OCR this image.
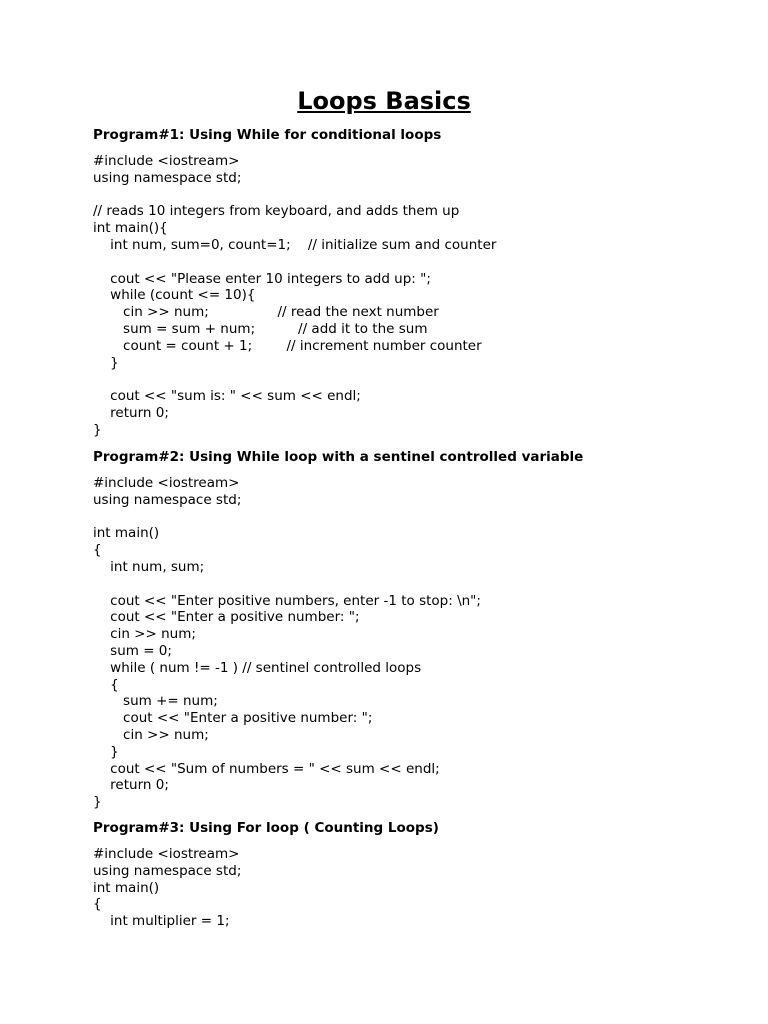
Loops Basics
Program#1: Using While for conditional loops
#include <iostream>
using namespace std;

// reads 10 integers from keyboard, and adds them up
int main(){
int num, sum=0, count=1;    // initialize sum and counter

cout << "Please enter 10 integers to add up: ";
while (count <= 10){
cin >> num;                // read the next number
sum = sum + num;          // add it to the sum
count = count + 1;        // increment number counter
}

cout << "sum is: " << sum << endl;
return 0;
}
Program#2: Using While loop with a sentinel controlled variable
#include <iostream>
using namespace std;

int main()
{
int num, sum;

cout << "Enter positive numbers, enter -1 to stop: \n";
cout << "Enter a positive number: ";
cin >> num;
sum = 0;
while ( num != -1 ) // sentinel controlled loops
{
sum += num;
cout << "Enter a positive number: ";
cin >> num;
}
cout << "Sum of numbers = " << sum << endl;
return 0;
}
Program#3: Using For loop ( Counting Loops)
#include <iostream>
using namespace std;
int main()
{
int multiplier = 1;
